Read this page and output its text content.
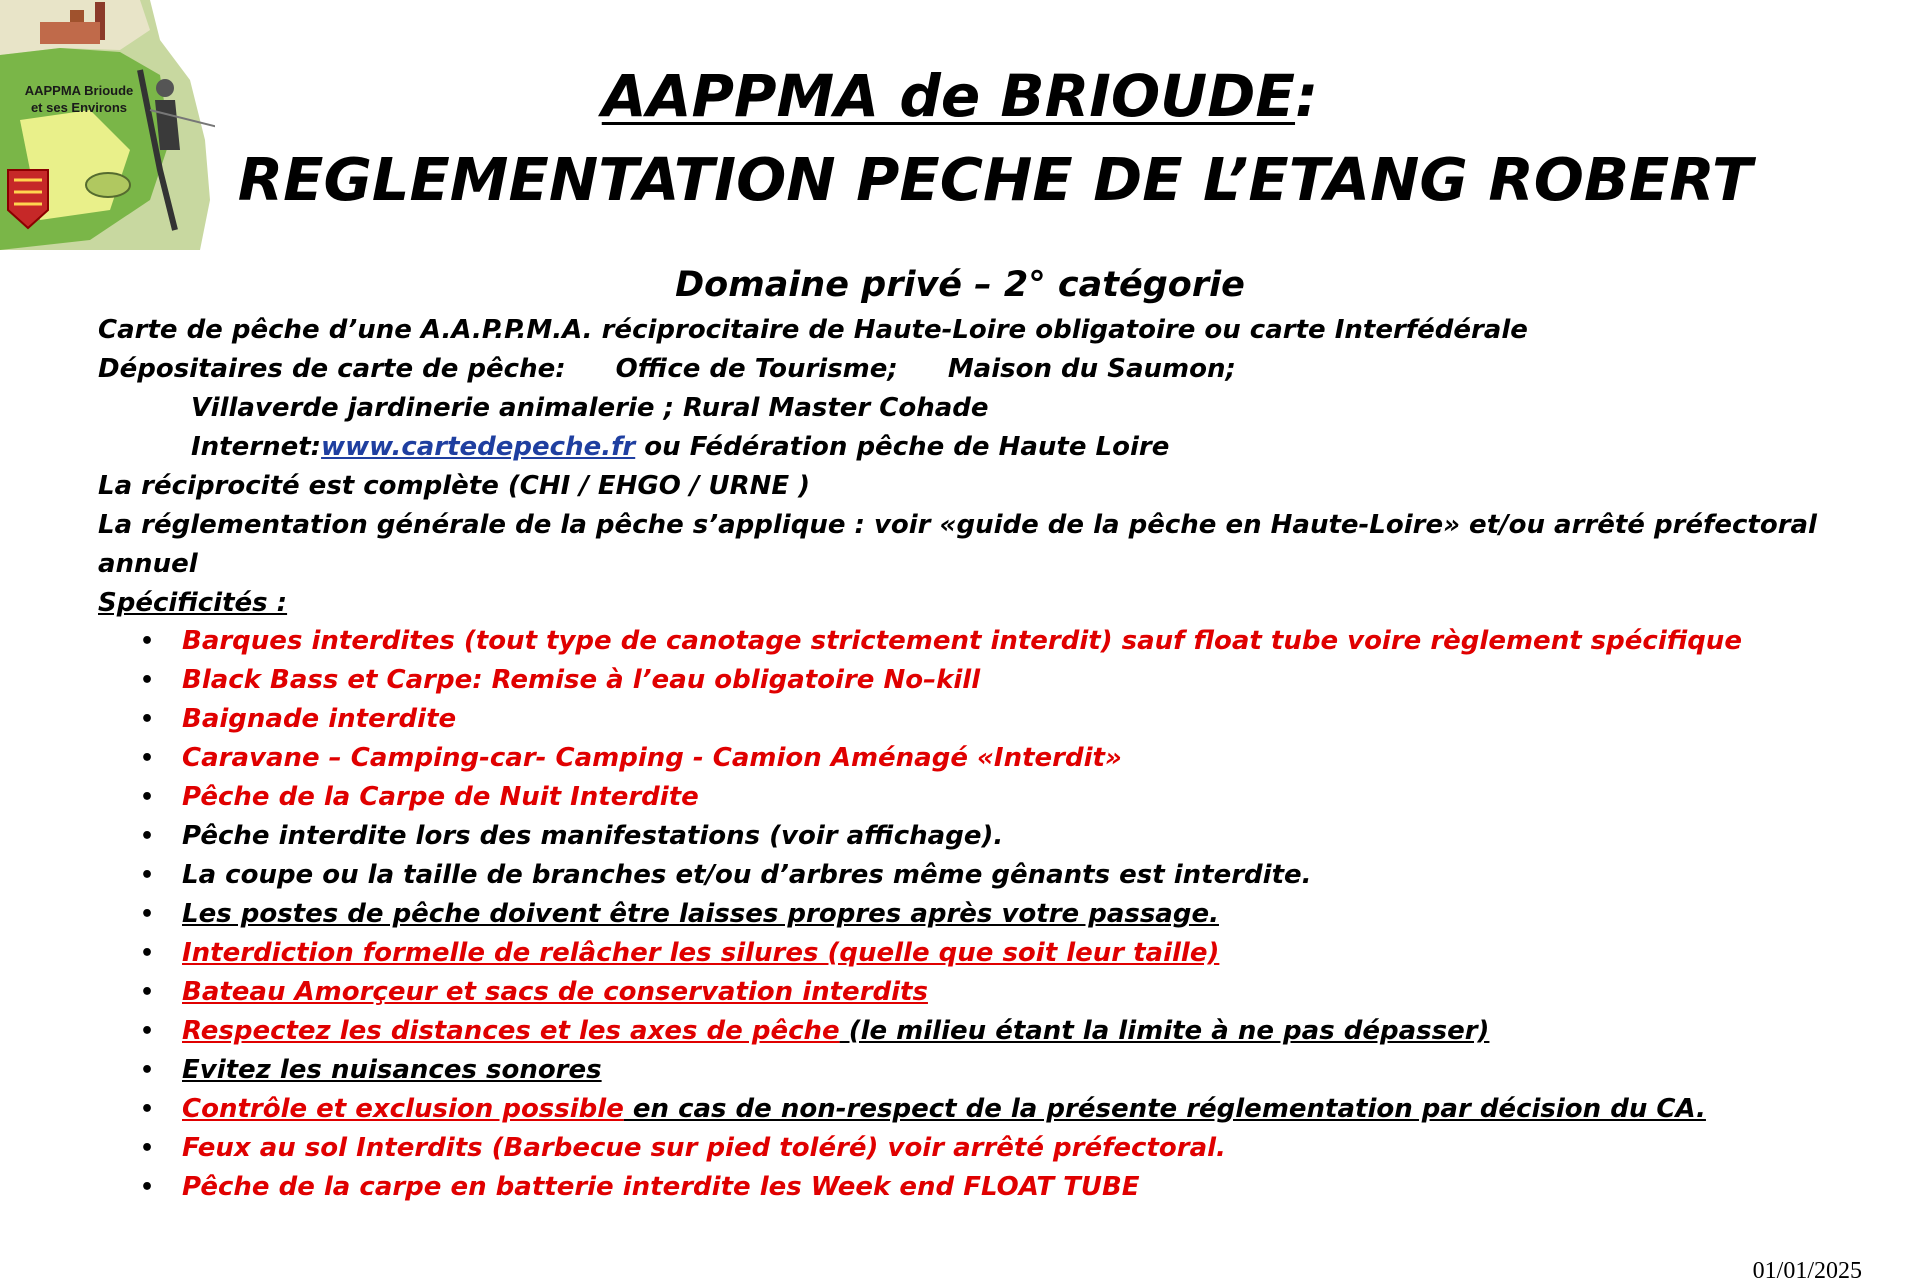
AAPPMA Brioude
et ses Environs	AAPPMA de BRIOUDE:
REGLEMENTATION PECHE DE L’ETANG ROBERT
Domaine privé – 2° catégorie
Carte de pêche d’une A.A.P.P.M.A. réciprocitaire de Haute-Loire obligatoire ou carte Interfédérale
Dépositaires de carte de pêche: Office de Tourisme; Maison du Saumon;
Villaverde jardinerie animalerie ; Rural Master Cohade
Internet:www.cartedepeche.fr ou Fédération pêche de Haute Loire
La réciprocité est complète (CHI / EHGO / URNE )
La réglementation générale de la pêche s’applique : voir «guide de la pêche en Haute-Loire» et/ou arrêté préfectoral
annuel
Spécificités :
• Barques interdites (tout type de canotage strictement interdit) sauf float tube voire règlement spécifique
• Black Bass et Carpe: Remise à l’eau obligatoire No–kill
• Baignade interdite
• Caravane – Camping-car- Camping - Camion Aménagé «Interdit»
• Pêche de la Carpe de Nuit Interdite
• Pêche interdite lors des manifestations (voir affichage).
• La coupe ou la taille de branches et/ou d’arbres même gênants est interdite.
• Les postes de pêche doivent être laisses propres après votre passage.
• Interdiction formelle de relâcher les silures (quelle que soit leur taille)
• Bateau Amorçeur et sacs de conservation interdits
• Respectez les distances et les axes de pêche (le milieu étant la limite à ne pas dépasser)
• Evitez les nuisances sonores
• Contrôle et exclusion possible en cas de non-respect de la présente réglementation par décision du CA.
• Feux au sol Interdits (Barbecue sur pied toléré) voir arrêté préfectoral.
• Pêche de la carpe en batterie interdite les Week end FLOAT TUBE
01/01/2025
